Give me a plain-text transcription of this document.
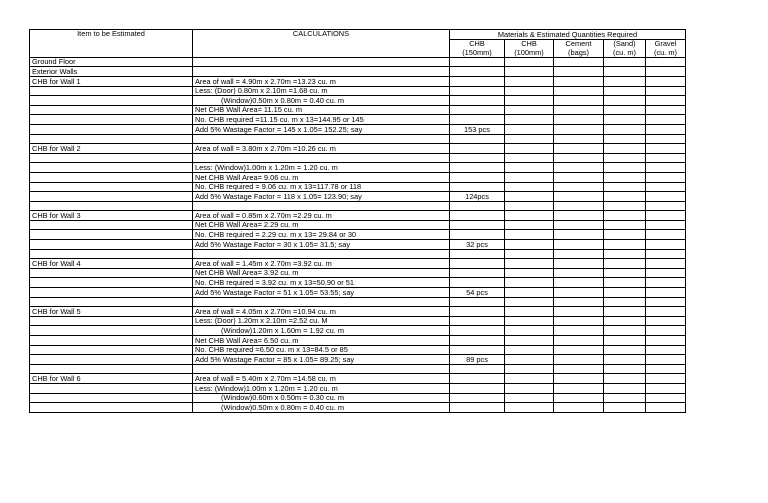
Item to be Estimated	CALCULATIONS	Materials & Estimated Quantities Required				
		CHB	CHB	Cement	(Sand)	Gravel
		(150mm)	(100mm)	(bags)	(cu. m)	(cu. m)
Ground Floor						
Exterior Walls						
CHB for Wall 1	Area of wall = 4.90m x 2.70m =13.23 cu. m					
	Less: (Door) 0.80m x 2.10m =1.68 cu. m					
	(Window)0.50m x 0.80m = 0.40 cu. m					
	Net CHB Wall Area= 11.15 cu. m					
	No. CHB required =11.15 cu. m x 13=144.95 or 145					
	Add 5% Wastage Factor = 145 x 1.05= 152.25; say	153 pcs				

CHB for Wall 2	Area of wall = 3.80m x 2.70m =10.26 cu. m					

	Less: (Window)1.00m x 1.20m = 1.20 cu. m					
	Net CHB Wall Area= 9.06 cu. m					
	No. CHB required = 9.06 cu. m x 13=117.78 or 118					
	Add 5% Wastage Factor = 118 x 1.05= 123.90; say	124pcs				

CHB for Wall 3	Area of wall = 0.85m x 2.70m =2.29 cu. m					
	Net CHB Wall Area= 2.29 cu. m					
	No. CHB required = 2.29 cu. m x 13= 29.84 or 30					
	Add 5% Wastage Factor = 30 x 1.05= 31.5; say	32 pcs				

CHB for Wall 4	Area of wall = 1.45m x 2.70m =3.92 cu. m					
	Net CHB Wall Area= 3.92 cu. m					
	No. CHB required = 3.92 cu. m x 13=50.90 or 51					
	Add 5% Wastage Factor = 51 x 1.05= 53.55; say	54 pcs				

CHB for Wall 5	Area of wall = 4.05m x 2.70m =10.94 cu. m					
	Less: (Door) 1.20m x 2.10m =2.52 cu. M					
	(Window)1.20m x 1.60m = 1.92 cu. m					
	Net CHB Wall Area= 6.50 cu. m					
	No. CHB required =6.50 cu. m x 13=84.5 or 85					
	Add 5% Wastage Factor = 85 x 1.05= 89.25; say	89 pcs				

CHB for Wall 6	Area of wall = 5.40m x 2.70m =14.58 cu. m					
	Less: (Window)1.00m x 1.20m = 1.20 cu. m					
	(Window)0.60m x 0.50m = 0.30 cu. m					
	(Window)0.50m x 0.80m = 0.40 cu. m					
